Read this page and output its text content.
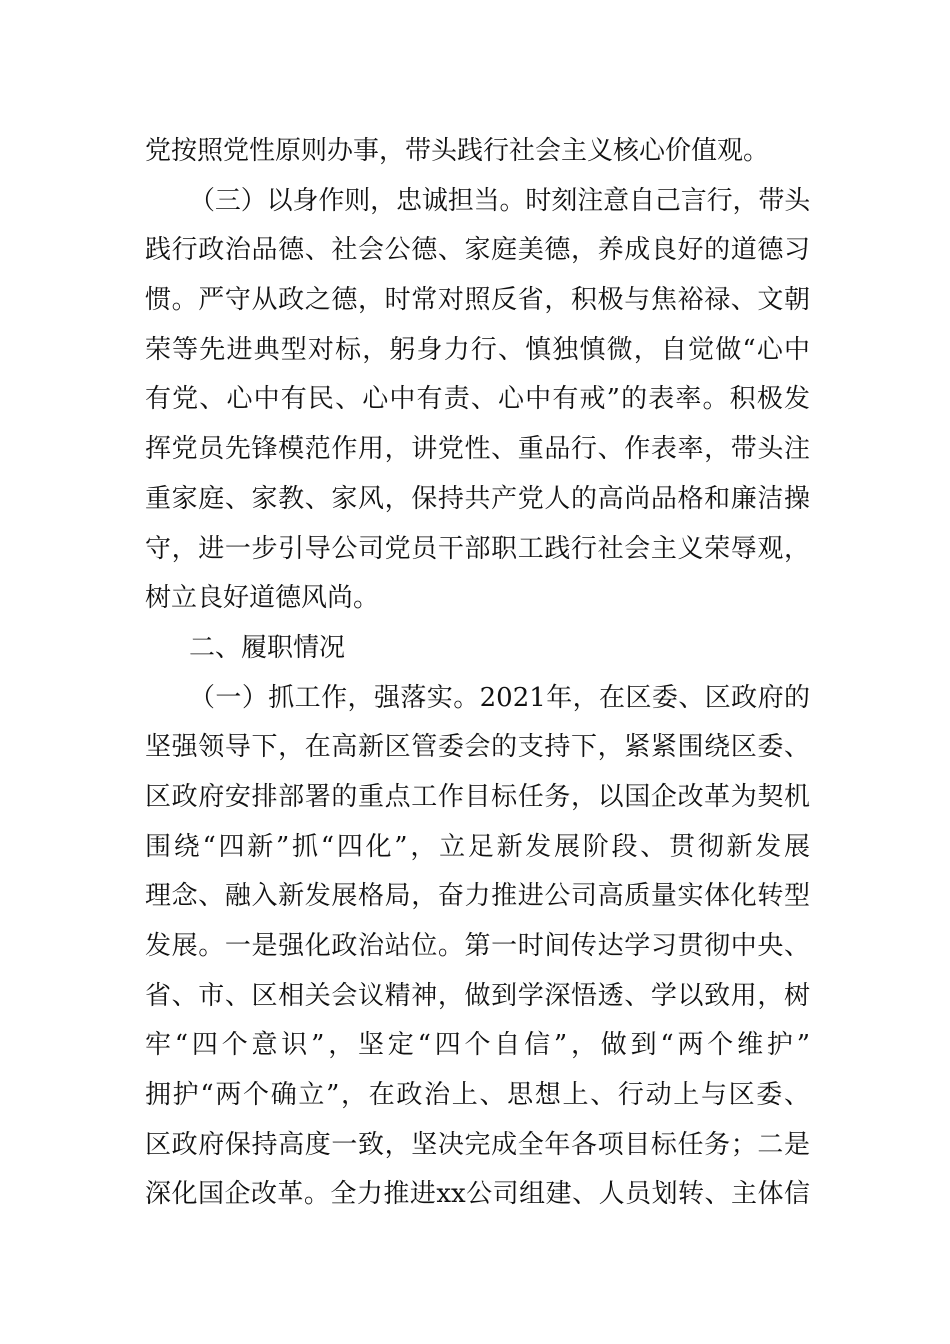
党按照党性原则办事，带头践行社会主义核心价值观。
（三）以身作则，忠诚担当。时刻注意自己言行，带头
践行政治品德、社会公德、家庭美德，养成良好的道德习
惯。严守从政之德，时常对照反省，积极与焦裕禄、文朝
荣等先进典型对标，躬身力行、慎独慎微，自觉做“心中
有党、心中有民、心中有责、心中有戒”的表率。积极发
挥党员先锋模范作用，讲党性、重品行、作表率，带头注
重家庭、家教、家风，保持共产党人的高尚品格和廉洁操
守，进一步引导公司党员干部职工践行社会主义荣辱观，
树立良好道德风尚。
二、履职情况
（一）抓工作，强落实。2021年，在区委、区政府的
坚强领导下，在高新区管委会的支持下，紧紧围绕区委、
区政府安排部署的重点工作目标任务，以国企改革为契机
围绕“四新”抓“四化”，立足新发展阶段、贯彻新发展
理念、融入新发展格局，奋力推进公司高质量实体化转型
发展。一是强化政治站位。第一时间传达学习贯彻中央、
省、市、区相关会议精神，做到学深悟透、学以致用，树
牢“四个意识”，坚定“四个自信”，做到“两个维护”
拥护“两个确立”，在政治上、思想上、行动上与区委、
区政府保持高度一致，坚决完成全年各项目标任务；二是
深化国企改革。全力推进xx公司组建、人员划转、主体信
